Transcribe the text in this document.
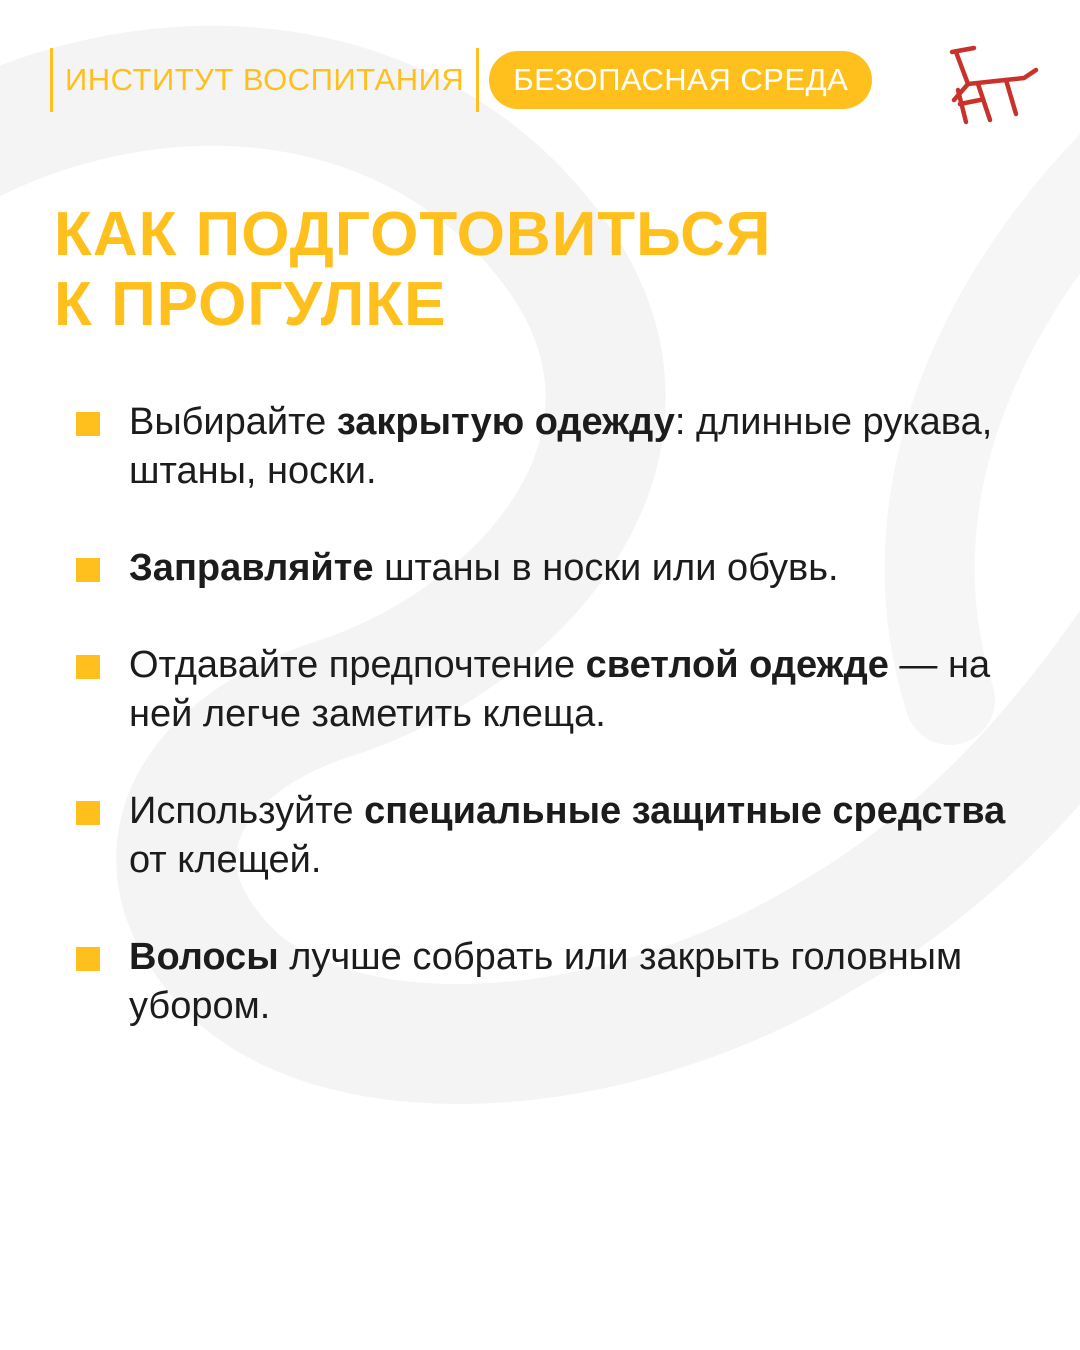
ИНСТИТУТ ВОСПИТАНИЯ	БЕЗОПАСНАЯ СРЕДА
КАК ПОДГОТОВИТЬСЯ
К ПРОГУЛКЕ
Выбирайте закрытую одежду: длинные рукава, штаны, носки.
Заправляйте штаны в носки или обувь.
Отдавайте предпочтение светлой одежде — на ней легче заметить клеща.
Используйте специальные защитные средства от клещей.
Волосы лучше собрать или закрыть головным убором.
